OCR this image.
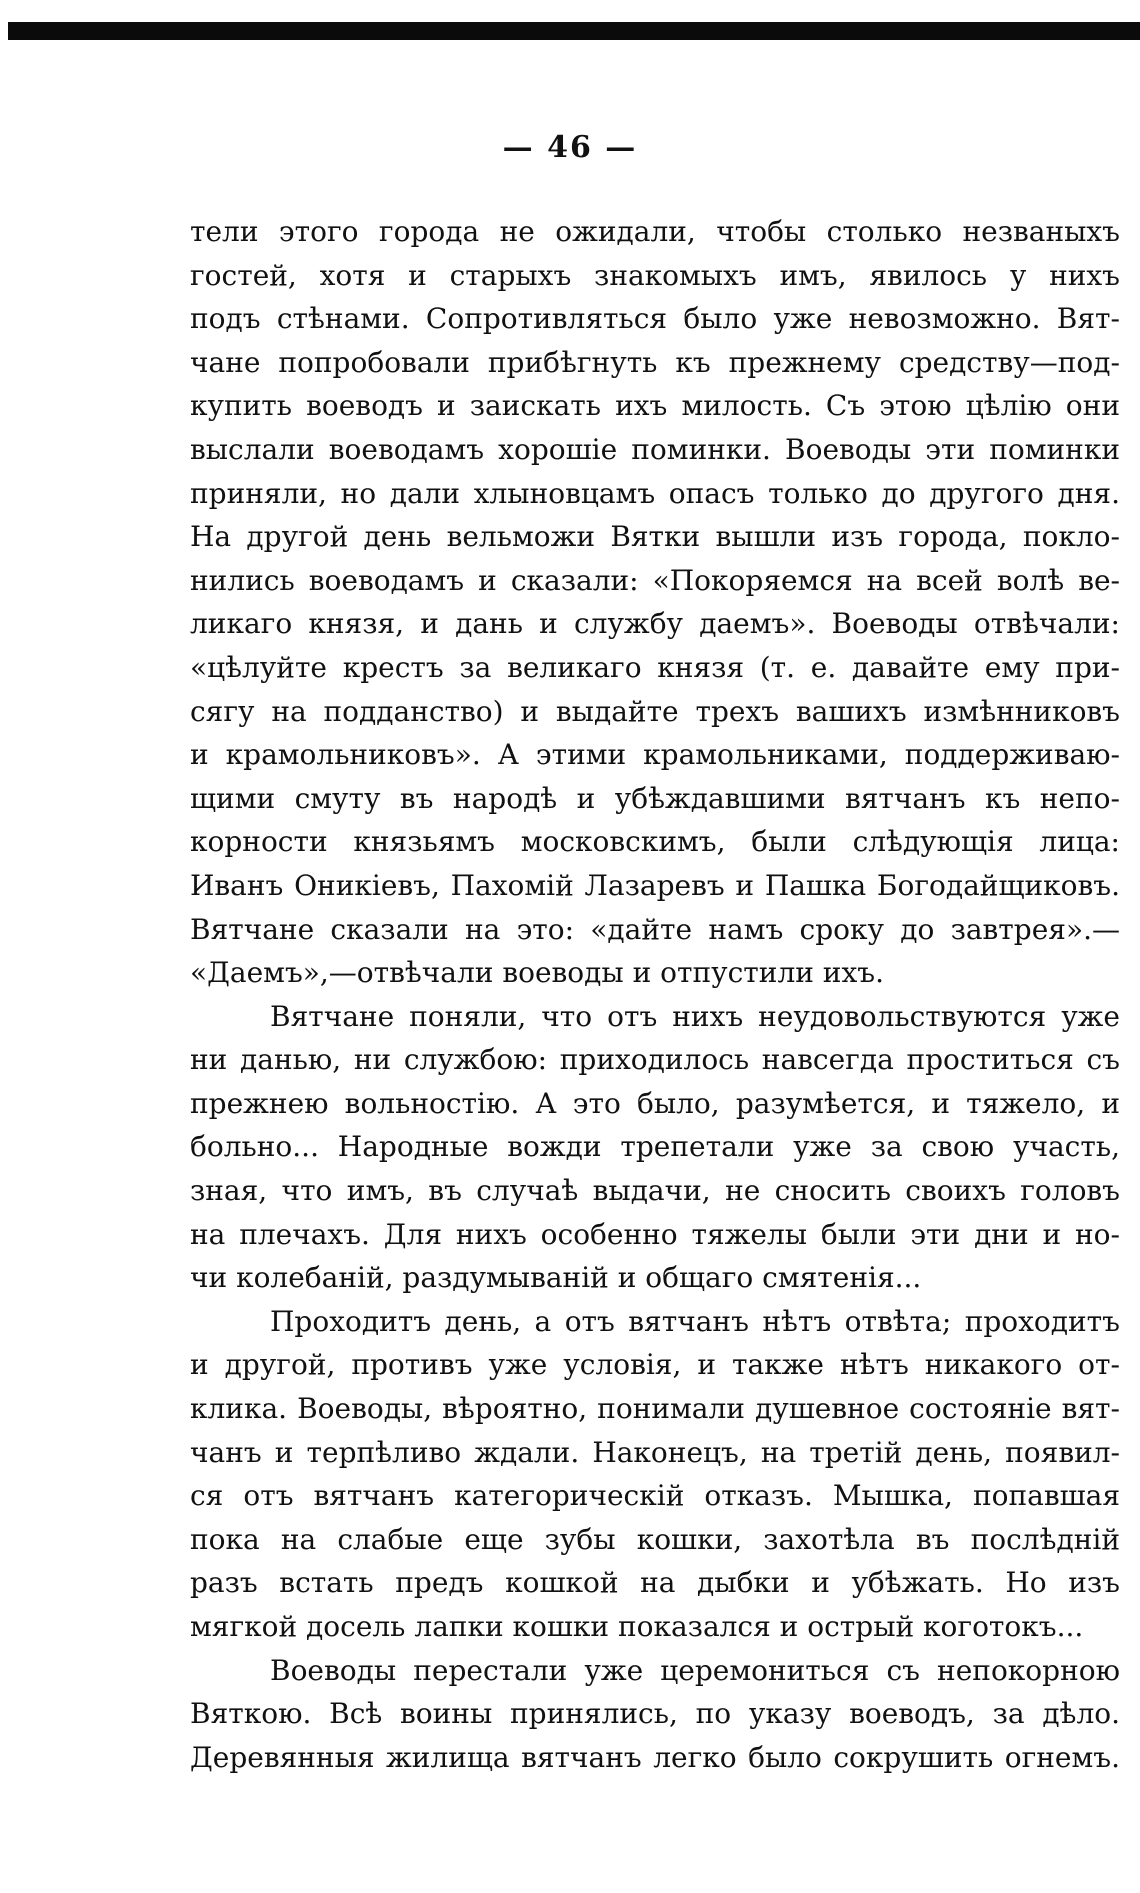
— 46 —
тели этого города не ожидали, чтобы столько незваныхъ
гостей, хотя и старыхъ знакомыхъ имъ, явилось у нихъ
подъ стѣнами. Сопротивляться было уже невозможно. Вят-
чане попробовали прибѣгнуть къ прежнему средству—под-
купить воеводъ и заискать ихъ милость. Съ этою цѣлію они
выслали воеводамъ хорошіе поминки. Воеводы эти поминки
приняли, но дали хлыновцамъ опасъ только до другого дня.
На другой день вельможи Вятки вышли изъ города, покло-
нились воеводамъ и сказали: «Покоряемся на всей волѣ ве-
ликаго князя, и дань и службу даемъ». Воеводы отвѣчали:
«цѣлуйте крестъ за великаго князя (т. е. давайте ему при-
сягу на подданство) и выдайте трехъ вашихъ измѣнниковъ
и крамольниковъ». А этими крамольниками, поддерживаю-
щими смуту въ народѣ и убѣждавшими вятчанъ къ непо-
корности князьямъ московскимъ, были слѣдующія лица:
Иванъ Оникіевъ, Пахомій Лазаревъ и Пашка Богодайщиковъ.
Вятчане сказали на это: «дайте намъ сроку до завтрея».—
«Даемъ»,—отвѣчали воеводы и отпустили ихъ.
Вятчане поняли, что отъ нихъ неудовольствуются уже
ни данью, ни службою: приходилось навсегда проститься съ
прежнею вольностію. А это было, разумѣется, и тяжело, и
больно... Народные вожди трепетали уже за свою участь,
зная, что имъ, въ случаѣ выдачи, не сносить своихъ головъ
на плечахъ. Для нихъ особенно тяжелы были эти дни и но-
чи колебаній, раздумываній и общаго смятенія...
Проходитъ день, а отъ вятчанъ нѣтъ отвѣта; проходитъ
и другой, противъ уже условія, и также нѣтъ никакого от-
клика. Воеводы, вѣроятно, понимали душевное состояніе вят-
чанъ и терпѣливо ждали. Наконецъ, на третій день, появил-
ся отъ вятчанъ категорическій отказъ. Мышка, попавшая
пока на слабые еще зубы кошки, захотѣла въ послѣдній
разъ встать предъ кошкой на дыбки и убѣжать. Но изъ
мягкой досель лапки кошки показался и острый коготокъ...
Воеводы перестали уже церемониться съ непокорною
Вяткою. Всѣ воины принялись, по указу воеводъ, за дѣло.
Деревянныя жилища вятчанъ легко было сокрушить огнемъ.
